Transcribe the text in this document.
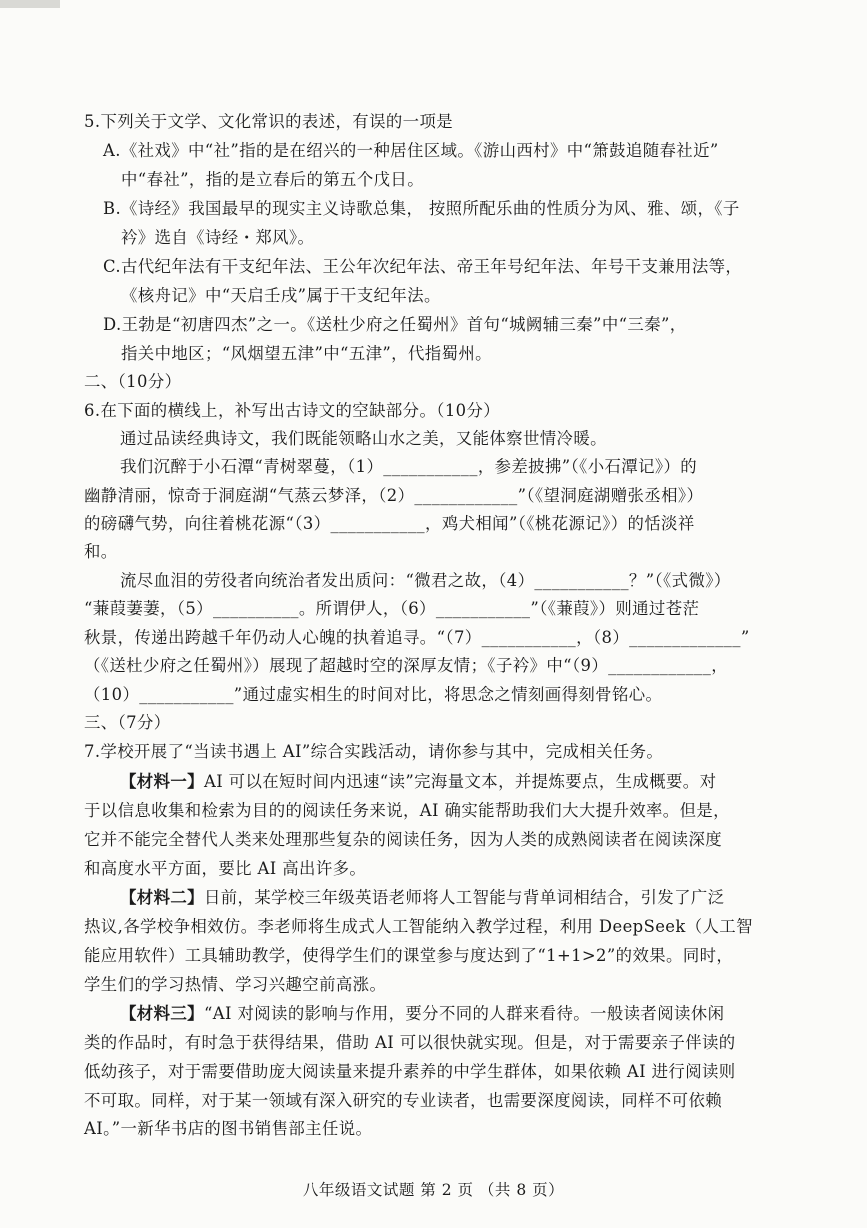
5.下列关于文学、文化常识的表述，有误的一项是
A.《社戏》中“社”指的是在绍兴的一种居住区域。《游山西村》中“箫鼓追随春社近”
中“春社”，指的是立春后的第五个戊日。
B.《诗经》我国最早的现实主义诗歌总集， 按照所配乐曲的性质分为风、雅、颂，《子
衿》选自《诗经・郑风》。
C.古代纪年法有干支纪年法、王公年次纪年法、帝王年号纪年法、年号干支兼用法等，
《核舟记》中“天启壬戌”属于干支纪年法。
D.王勃是“初唐四杰”之一。《送杜少府之任蜀州》首句“城阙辅三秦”中“三秦”，
指关中地区；“风烟望五津”中“五津”，代指蜀州。
二、（10分）
6.在下面的横线上，补写出古诗文的空缺部分。（10分）
通过品读经典诗文，我们既能领略山水之美，又能体察世情冷暖。
我们沉醉于小石潭“青树翠蔓，（1）___________，参差披拂”（《小石潭记》）的
幽静清丽，惊奇于洞庭湖“气蒸云梦泽，（2）____________”（《望洞庭湖赠张丞相》）
的磅礴气势，向往着桃花源“（3）___________，鸡犬相闻”（《桃花源记》）的恬淡祥
和。
流尽血泪的劳役者向统治者发出质问：“微君之故，（4）___________？”（《式微》）
“蒹葭萋萋，（5）__________。所谓伊人，（6）___________”（《蒹葭》）则通过苍茫
秋景，传递出跨越千年仍动人心魄的执着追寻。“（7）___________，（8）_____________”
（《送杜少府之任蜀州》）展现了超越时空的深厚友情；《子衿》中“（9）____________，
（10）___________”通过虚实相生的时间对比，将思念之情刻画得刻骨铭心。
三、（7分）
7.学校开展了“当读书遇上 AI”综合实践活动，请你参与其中，完成相关任务。
【材料一】AI 可以在短时间内迅速“读”完海量文本，并提炼要点，生成概要。对
于以信息收集和检索为目的的阅读任务来说，AI 确实能帮助我们大大提升效率。但是，
它并不能完全替代人类来处理那些复杂的阅读任务，因为人类的成熟阅读者在阅读深度
和高度水平方面，要比 AI 高出许多。
【材料二】日前，某学校三年级英语老师将人工智能与背单词相结合，引发了广泛
热议,各学校争相效仿。李老师将生成式人工智能纳入教学过程，利用 DeepSeek（人工智
能应用软件）工具辅助教学，使得学生们的课堂参与度达到了“1+1>2”的效果。同时，
学生们的学习热情、学习兴趣空前高涨。
【材料三】“AI 对阅读的影响与作用，要分不同的人群来看待。一般读者阅读休闲
类的作品时，有时急于获得结果，借助 AI 可以很快就实现。但是，对于需要亲子伴读的
低幼孩子，对于需要借助庞大阅读量来提升素养的中学生群体，如果依赖 AI 进行阅读则
不可取。同样，对于某一领域有深入研究的专业读者，也需要深度阅读，同样不可依赖
AI。”一新华书店的图书销售部主任说。
八年级语文试题 第 2 页 （共 8 页）
